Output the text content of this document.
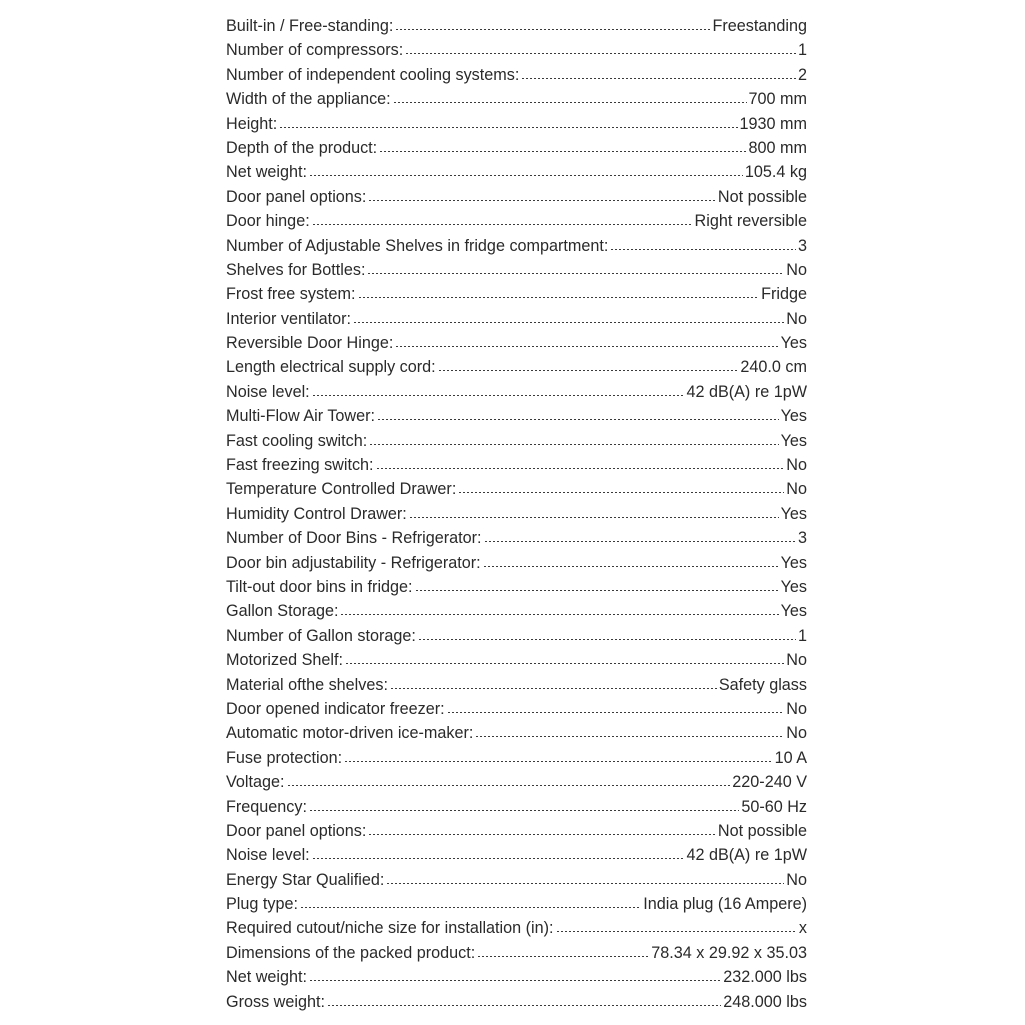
Built-in / Free-standing:	Freestanding
Number of compressors:	1
Number of independent cooling systems:	2
Width of the appliance:	700 mm
Height:	1930 mm
Depth of the product:	800 mm
Net weight:	105.4 kg
Door panel options:	Not possible
Door hinge:	Right reversible
Number of Adjustable Shelves in fridge compartment:	3
Shelves for Bottles:	No
Frost free system:	Fridge
Interior ventilator:	No
Reversible Door Hinge:	Yes
Length electrical supply cord:	240.0 cm
Noise level:	42 dB(A) re 1pW
Multi-Flow Air Tower:	Yes
Fast cooling switch:	Yes
Fast freezing switch:	No
Temperature Controlled Drawer:	No
Humidity Control Drawer:	Yes
Number of Door Bins - Refrigerator:	3
Door bin adjustability - Refrigerator:	Yes
Tilt-out door bins in fridge:	Yes
Gallon Storage:	Yes
Number of Gallon storage:	1
Motorized Shelf:	No
Material ofthe shelves:	Safety glass
Door opened indicator freezer:	No
Automatic motor-driven ice-maker:	No
Fuse protection:	10 A
Voltage:	220-240 V
Frequency:	50-60 Hz
Door panel options:	Not possible
Noise level:	42 dB(A) re 1pW
Energy Star Qualified:	No
Plug type:	India plug (16 Ampere)
Required cutout/niche size for installation (in):	x
Dimensions of the packed product:	78.34 x 29.92 x 35.03
Net weight:	232.000 lbs
Gross weight:	248.000 lbs
